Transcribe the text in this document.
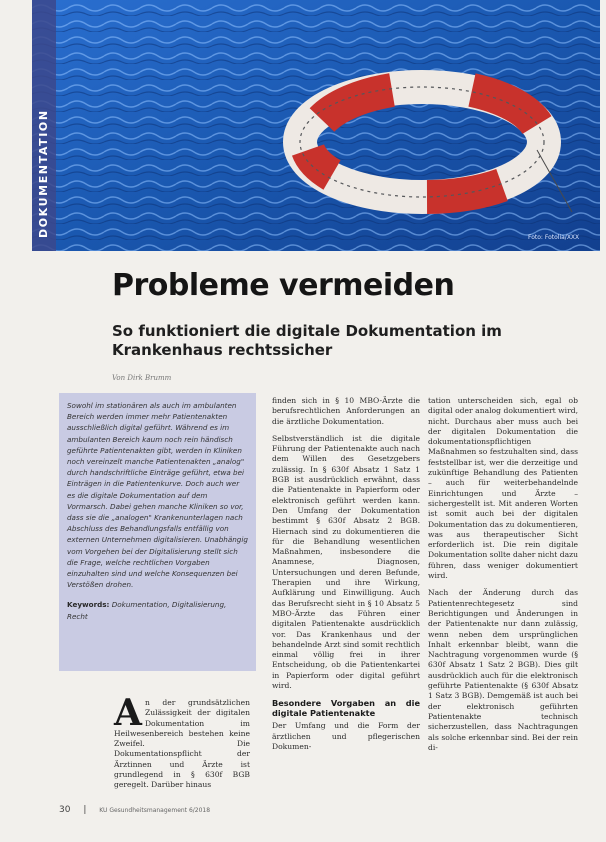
Foto: Fotolia/XXX
Probleme vermeiden
So funktioniert die digitale Dokumentation im Krankenhaus rechtssicher
Von Dirk Brumm
Sowohl im stationären als auch im ambulanten Bereich werden immer mehr Patientenakten ausschließlich digital geführt. Während es im ambulanten Bereich kaum noch rein händisch geführte Patientenakten gibt, werden in Kliniken noch vereinzelt manche Patientenakten „analog" durch handschriftliche Einträge geführt, etwa bei Einträgen in die Patientenkurve. Doch auch wer es die digitale Dokumentation auf dem Vormarsch. Dabei gehen manche Kliniken so vor, dass sie die „analogen" Krankenunterlagen nach Abschluss des Behandlungsfalls entfällig von externen Unternehmen digitalisieren. Unabhängig vom Vorgehen bei der Digitalisierung stellt sich die Frage, welche rechtlichen Vorgaben einzuhalten sind und welche Konsequenzen bei Verstößen drohen.
Keywords: Dokumentation, Digitalisierung, Recht
A n der grundsätzlichen Zulässigkeit der digitalen Dokumentation im Heilwesenbereich bestehen keine Zweifel. Die Dokumentationspflicht der Ärztinnen und Ärzte ist grundlegend in § 630f BGB geregelt. Darüber hinaus

finden sich in § 10 MBO-Ärzte die berufsrechtlichen Anforderungen an die ärztliche Dokumentation.

Selbstverständlich ist die digitale Führung der Patientenakte auch nach dem Willen des Gesetzgebers zulässig. In § 630f Absatz 1 Satz 1 BGB ist ausdrücklich erwähnt, dass die Patientenakte in Papierform oder elektronisch geführt werden kann. Den Umfang der Dokumentation bestimmt § 630f Absatz 2 BGB. Hiernach sind zu dokumentieren die für die Behandlung wesentlichen Maßnahmen, insbesondere die Anamnese, Diagnosen, Untersuchungen und deren Befunde, Therapien und ihre Wirkung, Aufklärung und Einwilligung. Auch das Berufsrecht sieht in § 10 Absatz 5 MBO-Ärzte das Führen einer digitalen Patientenakte ausdrücklich vor. Das Krankenhaus und der behandelnde Arzt sind somit rechtlich einmal völlig frei in ihrer Entscheidung, ob die Patientenkartei in Papierform oder digital geführt wird.

Besondere Vorgaben an die digitale Patientenakte

Der Umfang und die Form der ärztlichen und pflegerischen Dokumen-

tation unterscheiden sich, egal ob digital oder analog dokumentiert wird, nicht. Durchaus aber muss auch bei der digitalen Dokumentation die dokumentationspflichtigen Maßnahmen so festzuhalten sind, dass feststellbar ist, wer die derzeitige und zukünftige Behandlung des Patienten – auch für weiterbehandelnde Einrichtungen und Ärzte – sichergestellt ist. Mit anderen Worten ist somit auch bei der digitalen Dokumentation das zu dokumentieren, was aus therapeutischer Sicht erforderlich ist. Die rein digitale Dokumentation sollte daher nicht dazu führen, dass weniger dokumentiert wird.

Nach der Änderung durch das Patientenrechtegesetz sind Berichtigungen und Änderungen in der Patientenakte nur dann zulässig, wenn neben dem ursprünglichen Inhalt erkennbar bleibt, wann die Nachtragung vorgenommen wurde (§ 630f Absatz 1 Satz 2 BGB). Dies gilt ausdrücklich auch für die elektronisch geführte Patientenakte (§ 630f Absatz 1 Satz 3 BGB). Demgemäß ist auch bei der elektronisch geführten Patientenakte technisch sicherzustellen, dass Nachtragungen als solche erkennbar sind. Bei der rein di-

30 | KU Gesundheitsmanagement 6/2018
